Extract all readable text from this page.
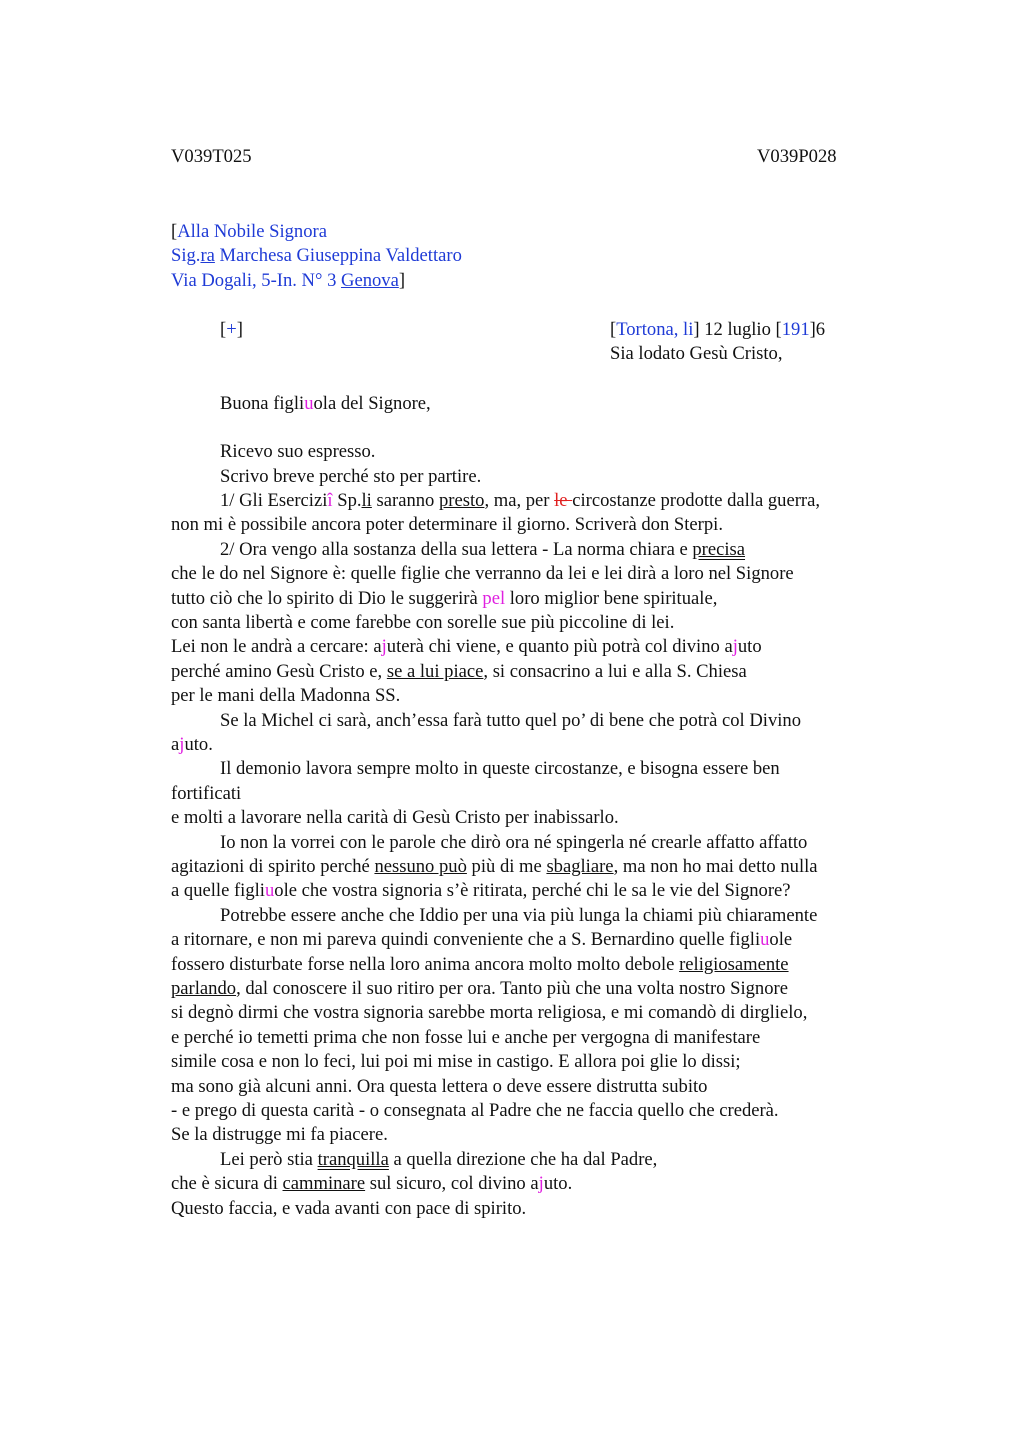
V039T025	V039P028
[Alla Nobile Signora
Sig.ra Marchesa Giuseppina Valdettaro
Via Dogali, 5-In. N° 3 Genova]
[+]	[Tortona, li] 12 luglio [191]6
Sia lodato Gesù Cristo,
Buona figliuola del Signore,
Ricevo suo espresso.
Scrivo breve perché sto per partire.
1/ Gli Eserciziî Sp.li saranno presto, ma, per le circostanze prodotte dalla guerra,
non mi è possibile ancora poter determinare il giorno. Scriverà don Sterpi.
2/ Ora vengo alla sostanza della sua lettera - La norma chiara e precisa
che le do nel Signore è: quelle figlie che verranno da lei e lei dirà a loro nel Signore
tutto ciò che lo spirito di Dio le suggerirà pel loro miglior bene spirituale,
con santa libertà e come farebbe con sorelle sue più piccoline di lei.
Lei non le andrà a cercare: ajuterà chi viene, e quanto più potrà col divino ajuto
perché amino Gesù Cristo e, se a lui piace, si consacrino a lui e alla S. Chiesa
per le mani della Madonna SS.
Se la Michel ci sarà, anch’essa farà tutto quel po’ di bene che potrà col Divino
ajuto.
Il demonio lavora sempre molto in queste circostanze, e bisogna essere ben
fortificati
e molti a lavorare nella carità di Gesù Cristo per inabissarlo.
Io non la vorrei con le parole che dirò ora né spingerla né crearle affatto affatto
agitazioni di spirito perché nessuno può più di me sbagliare, ma non ho mai detto nulla
a quelle figliuole che vostra signoria s’è ritirata, perché chi le sa le vie del Signore?
Potrebbe essere anche che Iddio per una via più lunga la chiami più chiaramente
a ritornare, e non mi pareva quindi conveniente che a S. Bernardino quelle figliuole
fossero disturbate forse nella loro anima ancora molto molto debole religiosamente
parlando, dal conoscere il suo ritiro per ora. Tanto più che una volta nostro Signore
si degnò dirmi che vostra signoria sarebbe morta religiosa, e mi comandò di dirglielo,
e perché io temetti prima che non fosse lui e anche per vergogna di manifestare
simile cosa e non lo feci, lui poi mi mise in castigo. E allora poi glie lo dissi;
ma sono già alcuni anni. Ora questa lettera o deve essere distrutta subito
- e prego di questa carità - o consegnata al Padre che ne faccia quello che crederà.
Se la distrugge mi fa piacere.
Lei però stia tranquilla a quella direzione che ha dal Padre,
che è sicura di camminare sul sicuro, col divino ajuto.
Questo faccia, e vada avanti con pace di spirito.
